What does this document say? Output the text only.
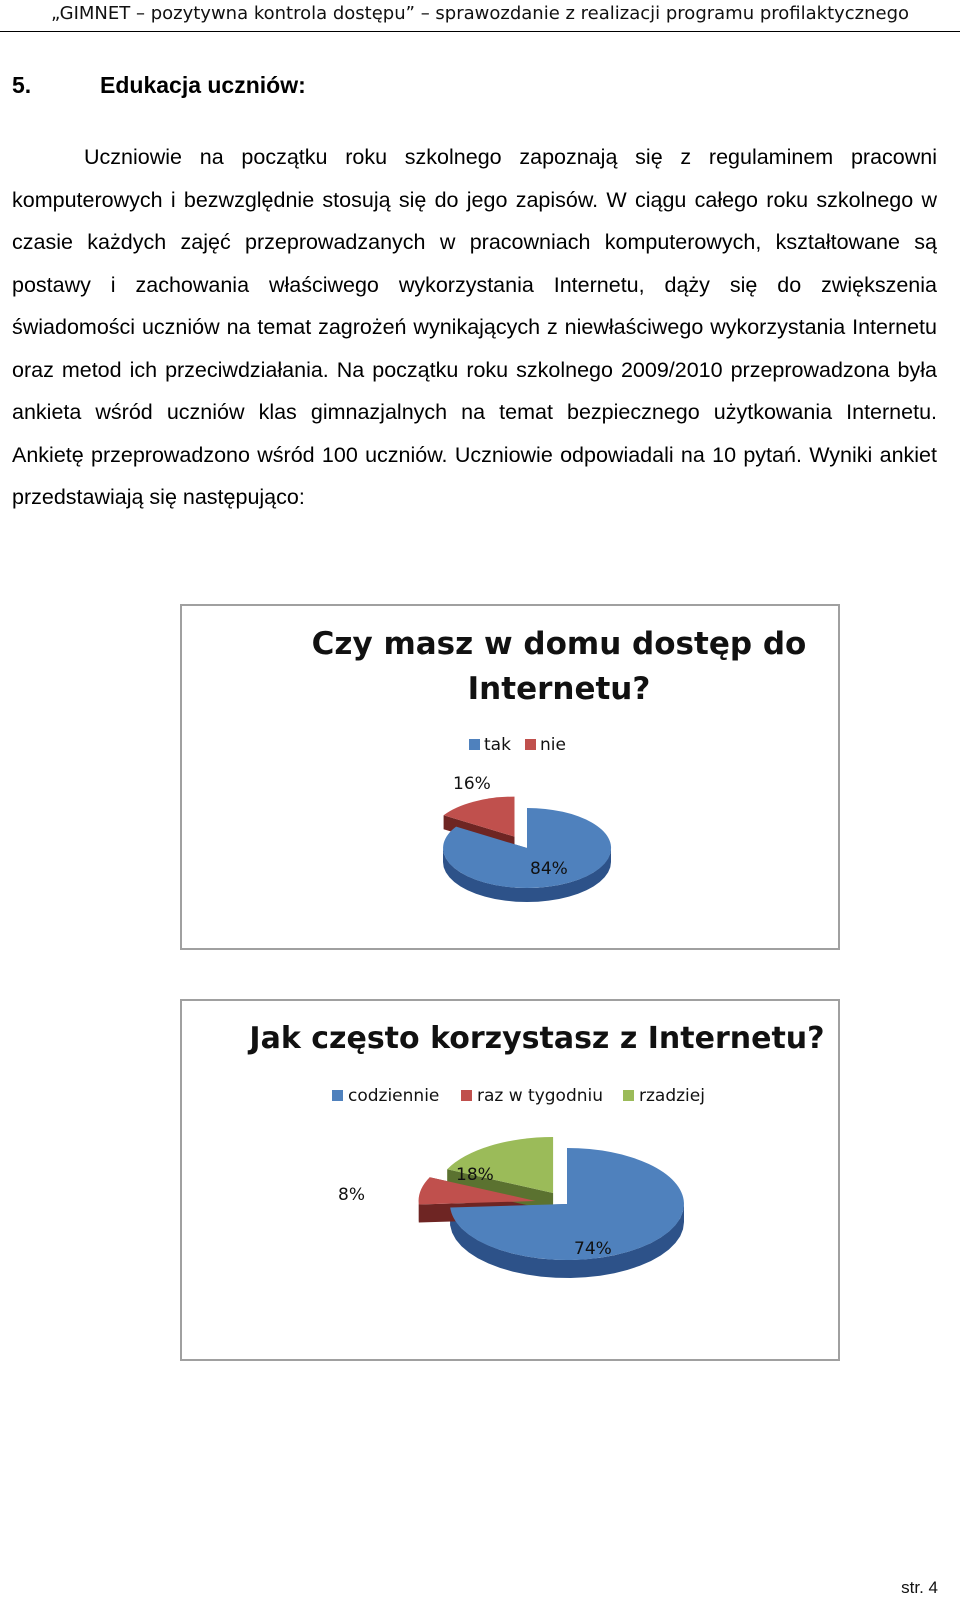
„GIMNET – pozytywna kontrola dostępu” – sprawozdanie z realizacji programu profilaktycznego
5.	Edukacja uczniów:

Uczniowie na początku roku szkolnego zapoznają się z regulaminem pracowni komputerowych i bezwzględnie stosują się do jego zapisów. W ciągu całego roku szkolnego w czasie każdych zajęć przeprowadzanych w pracowniach komputerowych, kształtowane są postawy i zachowania właściwego wykorzystania Internetu, dąży się do zwiększenia świadomości uczniów na temat zagrożeń wynikających z niewłaściwego wykorzystania Internetu oraz metod ich przeciwdziałania. Na początku roku szkolnego 2009/2010 przeprowadzona była ankieta wśród uczniów klas gimnazjalnych na temat bezpiecznego użytkowania Internetu. Ankietę przeprowadzono wśród 100 uczniów. Uczniowie odpowiadali na 10 pytań. Wyniki ankiet przedstawiają się następująco:

Czy masz w domu dostęp do
Internetu?
tak nie
16%
84%
Jak często korzystasz z Internetu?
codziennie raz w tygodniu rzadziej
8%
18%
74%
str. 4
